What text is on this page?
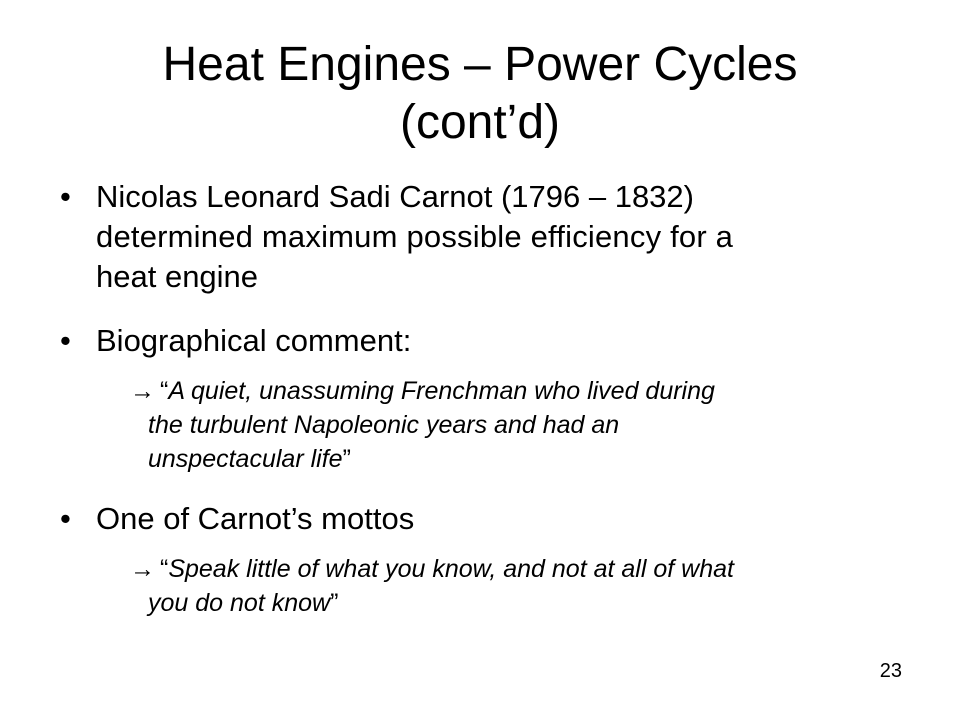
Heat Engines – Power Cycles
(cont’d)
• Nicolas Leonard Sadi Carnot (1796 – 1832)
determined maximum possible efficiency for a
heat engine
• Biographical comment:
→ “A quiet, unassuming Frenchman who lived during
the turbulent Napoleonic years and had an
unspectacular life”
• One of Carnot’s mottos
→ “Speak little of what you know, and not at all of what
you do not know”
23
